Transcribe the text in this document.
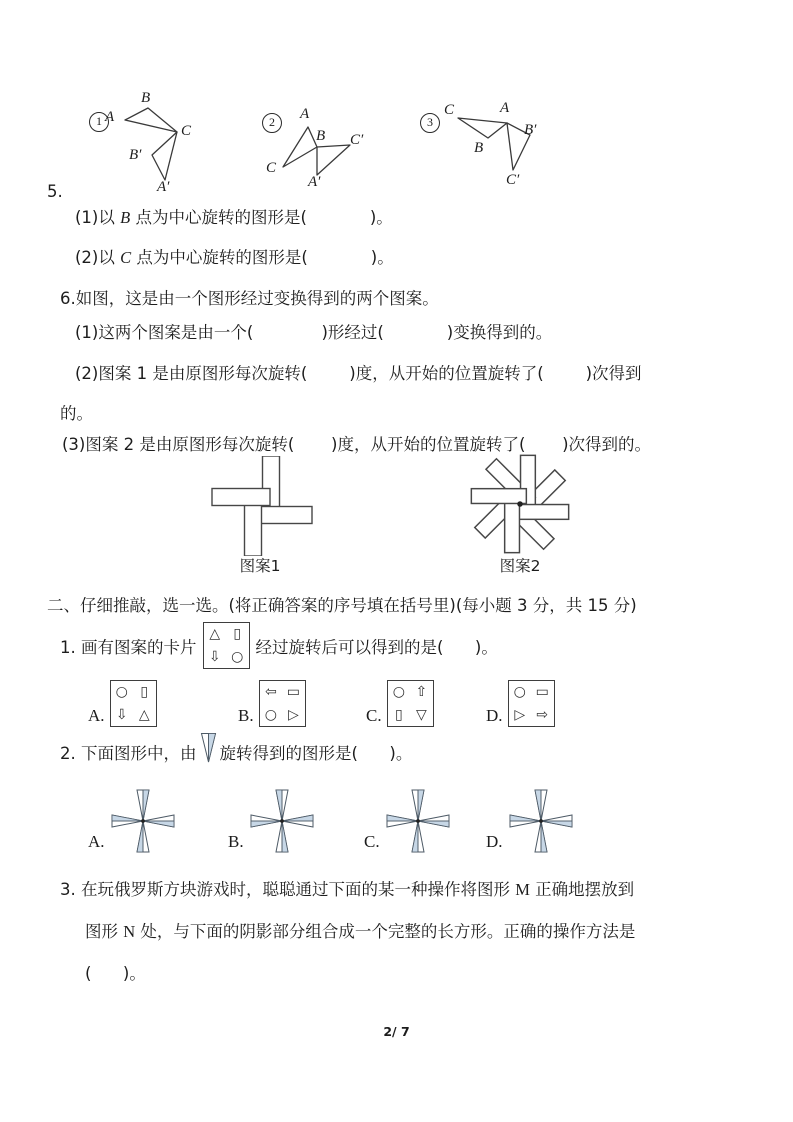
1 A
B
C
B′
A′
2	A
B C′
C
A′
3
C	A
B′
B
C′
5.
(1)以 B 点为中心旋转的图形是(            )。
(2)以 C 点为中心旋转的图形是(            )。
6.如图，这是由一个图形经过变换得到的两个图案。
(1)这两个图案是由一个(             )形经过(            )变换得到的。
(2)图案 1 是由原图形每次旋转(        )度，从开始的位置旋转了(        )次得到
的。
(3)图案 2 是由原图形每次旋转(       )度，从开始的位置旋转了(       )次得到的。
图案1	图案2
二、仔细推敲，选一选。(将正确答案的序号填在括号里)(每小题 3 分，共 15 分)
1. 画有图案的卡片
△ ▯
⇩ ○
经过旋转后可以得到的是(      )。
A.
○ ▯
⇩ △	B.
⇦ ▭
○ ▷	C.
○ ⇧
▯ ▽	D.
○ ▭
▷ ⇨
2. 下面图形中，由 旋转得到的图形是(      )。
A.	B.	C.	D.
3. 在玩俄罗斯方块游戏时，聪聪通过下面的某一种操作将图形 M 正确地摆放到
图形 N 处，与下面的阴影部分组合成一个完整的长方形。正确的操作方法是
(      )。
2/ 7
